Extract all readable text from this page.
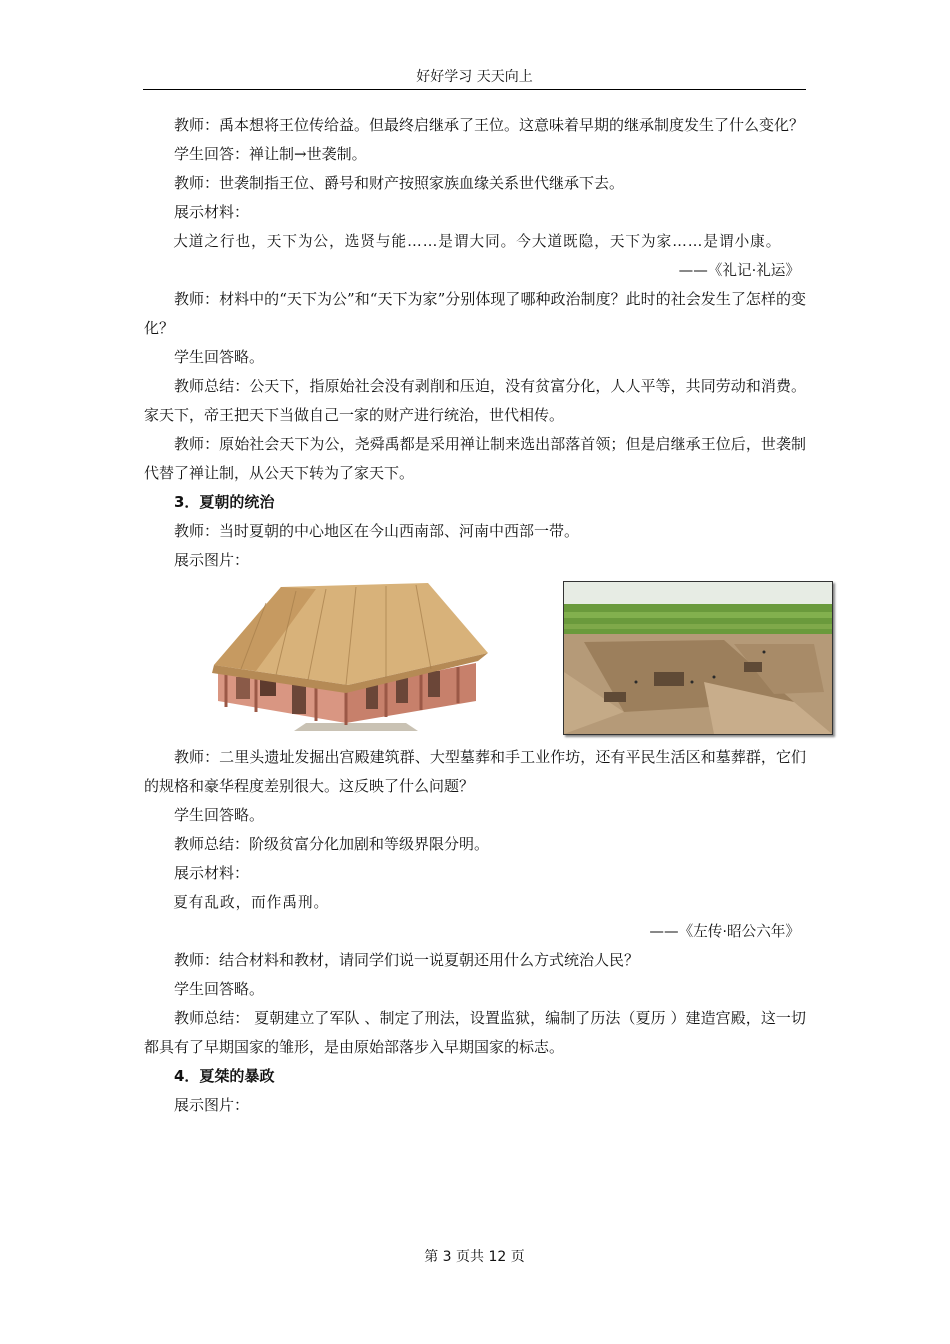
好好学习 天天向上

教师：禹本想将王位传给益。但最终启继承了王位。这意味着早期的继承制度发生了什么变化？

学生回答：禅让制→世袭制。

教师：世袭制指王位、爵号和财产按照家族血缘关系世代继承下去。

展示材料：

大道之行也，天下为公，选贤与能……是谓大同。今大道既隐，天下为家……是谓小康。

——《礼记·礼运》

教师：材料中的“天下为公”和“天下为家”分别体现了哪种政治制度？此时的社会发生了怎样的变化？

学生回答略。

教师总结：公天下，指原始社会没有剥削和压迫，没有贫富分化，人人平等，共同劳动和消费。家天下，帝王把天下当做自己一家的财产进行统治，世代相传。

教师：原始社会天下为公，尧舜禹都是采用禅让制来选出部落首领；但是启继承王位后，世袭制代替了禅让制，从公天下转为了家天下。

3．夏朝的统治

教师：当时夏朝的中心地区在今山西南部、河南中西部一带。

展示图片：

教师：二里头遗址发掘出宫殿建筑群、大型墓葬和手工业作坊，还有平民生活区和墓葬群，它们的规格和豪华程度差别很大。这反映了什么问题？

学生回答略。

教师总结：阶级贫富分化加剧和等级界限分明。

展示材料：

夏有乱政，而作禹刑。

——《左传·昭公六年》

教师：结合材料和教材，请同学们说一说夏朝还用什么方式统治人民？

学生回答略。

教师总结： 夏朝建立了军队 、制定了刑法，设置监狱，编制了历法（夏历 ）建造宫殿，这一切都具有了早期国家的雏形，是由原始部落步入早期国家的标志。

4．夏桀的暴政

展示图片：

第 3 页共 12 页
